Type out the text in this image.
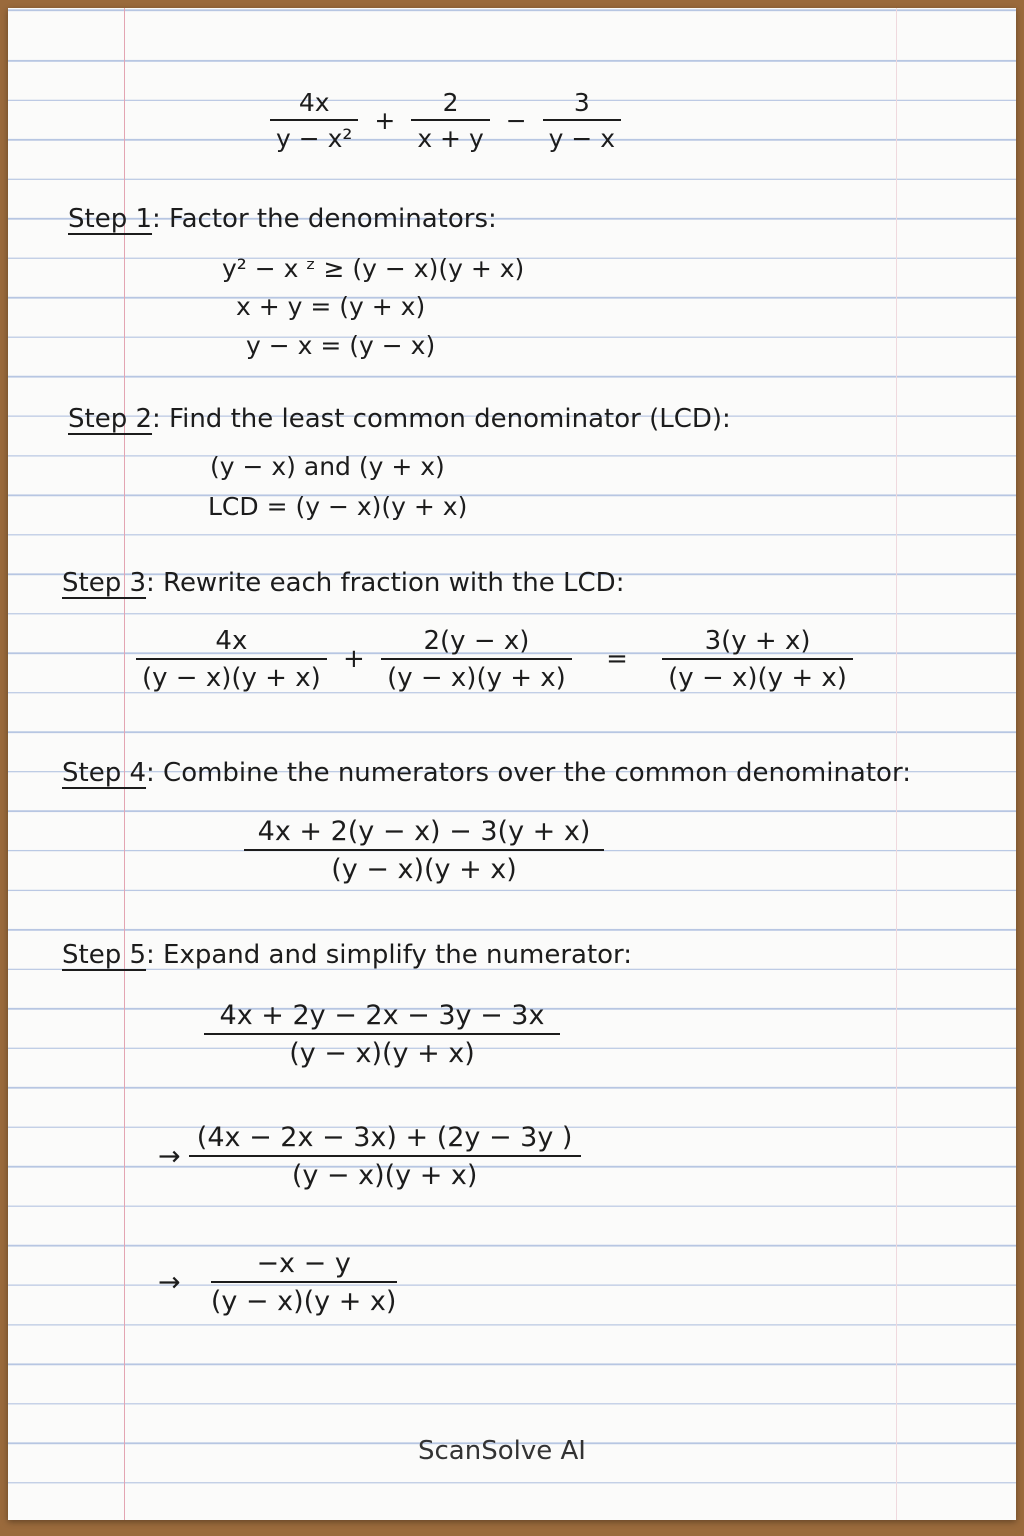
$\frac{4x}{\text{y − x²}} + \frac{2}{x + y} - \frac{3}{y - x}$
Step 1: Factor the denominators:
y² − x ᶻ ≥ (y − x)(y + x)
x + y = (y + x)
y − x = (y − x)
Step 2: Find the least common denominator (LCD):
(y − x) and (y + x)
LCD = (y − x)(y + x)
Step 3: Rewrite each fraction with the LCD:
$\frac{4x}{(y - x)(y + x)} + \frac{2(y - x)}{(y - x)(y + x)} = \frac{3(y + x)}{(y - x)(y + x)}$
Step 4: Combine the numerators over the common denominator:
$\frac{4x + 2(y - x) - 3(y + x)}{(y - x)(y + x)}$
Step 5: Expand and simplify the numerator:
$\frac{4x + 2y - 2x - 3y - 3x}{(y - x)(y + x)}$
→ $\frac{(4x - 2x - 3x) + (2y - 3y )}{(y - x)(y + x)}$
→ $\frac{-x - y}{(y - x)(y + x)}$
ScanSolve AI
